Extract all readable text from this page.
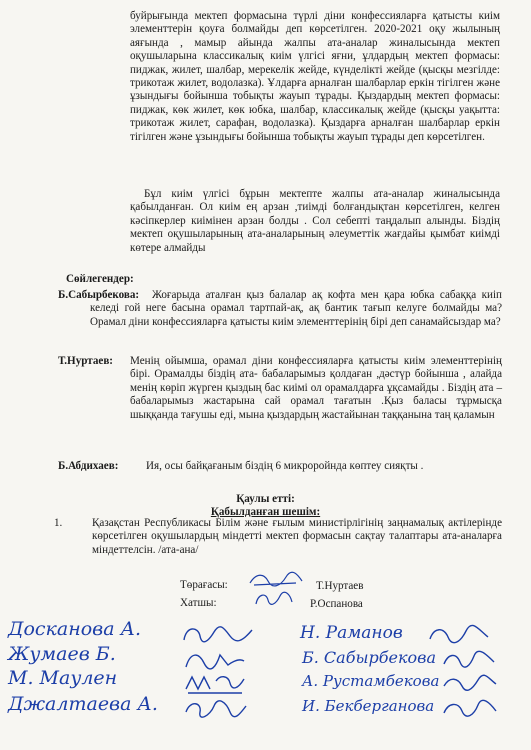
буйрығында мектеп формасына түрлі діни конфессияларға қатысты киім элементтерін қоуға болмайды деп көрсетілген. 2020-2021 оқу жылының аяғында , мамыр айында жалпы ата-аналар жиналысында мектеп оқушыларына классикалық киім үлгісі яғни, ұлдардың мектеп формасы: пиджак, жилет, шалбар, мерекелік жейде, күнделікті жейде (қысқы мезгілде: трикотаж жилет, водолазка). Ұлдарға арналған шалбарлар еркін тігілген және ұзындығы бойынша тобықты жауып тұрады. Қыздардың мектеп формасы: пиджак, көк жилет, көк юбка, шалбар, классикалық жейде (қысқы уақытта: трикотаж жилет, сарафан, водолазка). Қыздарға арналған шалбарлар еркін тігілген және ұзындығы бойынша тобықты жауып тұрады деп көрсетілген.
Бұл киім үлгісі бұрын мектепте жалпы ата-аналар жиналысында қабылданған. Ол киім ең арзан ,тиімді болғандықтан көрсетілген, келген кәсіпкерлер киімінен арзан болды . Сол себепті таңдалып алынды. Біздің мектеп оқушыларының ата-аналарының әлеуметтік жағдайы қымбат киімді көтере алмайды
Сөйлегендер:
Б.Сабырбекова:	Жоғарыда аталған қыз балалар ақ кофта мен қара юбка сабаққа киіп келеді гой неге басына орамал тартпай-ақ, ақ бантик тағып келуге болмайды ма? Орамал діни конфессияларға қатысты киім элементтерінің бірі деп санамайсыздар ма?
Т.Нуртаев: Менің ойымша, орамал діни конфессияларға қатысты киім элементтерінің бірі. Орамалды біздің ата- бабаларымыз қолдаған ,дәстүр бойынша , алайда менің көріп жүрген қыздың бас киімі ол орамалдарға ұқсамайды . Біздің ата –бабаларымыз жастарына сай орамал тағатын .Қыз баласы тұрмысқа шыққанда тағушы еді, мына қыздардың жастайынан таққанына таң қаламын
Б.Абдихаев: Ия, осы байқағаным біздің 6 микроройнда көптеу сияқты .
Қаулы етті:
Қабылданған шешім:
1.	Қазақстан Республикасы Білім және ғылым министірлігінің заңнамалық актілерінде көрсетілген оқушылардың міндетті мектеп формасын сақтау талаптары ата-аналарға міндеттелсін. /ата-ана/
Төрағасы:	Т.Нуртаев
Хатшы:	Р.Оспанова
Досканова А.
Жумаев Б.
М. Маулен
Джалтаева А.
Н. Раманов
Б. Сабырбекова
А. Рустамбекова
И. Бекберганова
